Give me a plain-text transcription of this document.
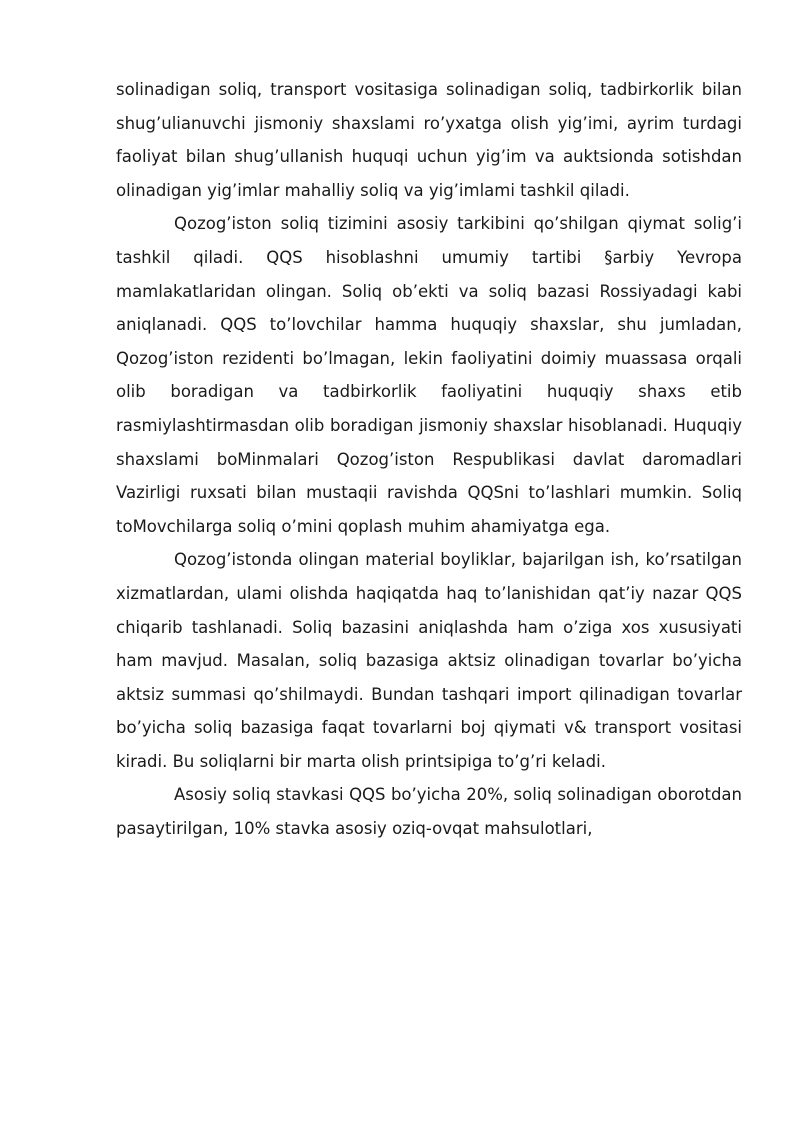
solinadigan soliq, transport vositasiga solinadigan soliq, tadbirkorlik bilan shug’ulianuvchi jismoniy shaxslami ro’yxatga olish yig’imi, ayrim turdagi faoliyat bilan shug’ullanish huquqi uchun yig’im va auktsionda sotishdan olinadigan yig’imlar mahalliy soliq va yig’imlami tashkil qiladi.

Qozog’iston soliq tizimini asosiy tarkibini qo’shilgan qiymat solig’i tashkil qiladi. QQS hisoblashni umumiy tartibi §arbiy Yevropa mamlakatlaridan olingan. Soliq ob’ekti va soliq bazasi Rossiyadagi kabi aniqlanadi. QQS to’lovchilar hamma huquqiy shaxslar, shu jumladan, Qozog’iston rezidenti bo’lmagan, lekin faoliyatini doimiy muassasa orqali olib boradigan va tadbirkorlik faoliyatini huquqiy shaxs etib rasmiylashtirmasdan olib boradigan jismoniy shaxslar hisoblanadi. Huquqiy shaxslami boMinmalari Qozog’iston Respublikasi davlat daromadlari Vazirligi ruxsati bilan mustaqii ravishda QQSni to’lashlari mumkin. Soliq toMovchilarga soliq o’mini qoplash muhim ahamiyatga ega.

Qozog’istonda olingan material boyliklar, bajarilgan ish, ko’rsatilgan xizmatlardan, ulami olishda haqiqatda haq to’lanishidan qat’iy nazar QQS chiqarib tashlanadi. Soliq bazasini aniqlashda ham o’ziga xos xususiyati ham mavjud. Masalan, soliq bazasiga aktsiz olinadigan tovarlar bo’yicha aktsiz summasi qo’shilmaydi. Bundan tashqari import qilinadigan tovarlar bo’yicha soliq bazasiga faqat tovarlarni boj qiymati v& transport vositasi kiradi. Bu soliqlarni bir marta olish printsipiga to’g’ri keladi.

Asosiy soliq stavkasi QQS bo’yicha 20%, soliq solinadigan oborotdan pasaytirilgan, 10% stavka asosiy oziq-ovqat mahsulotlari,
